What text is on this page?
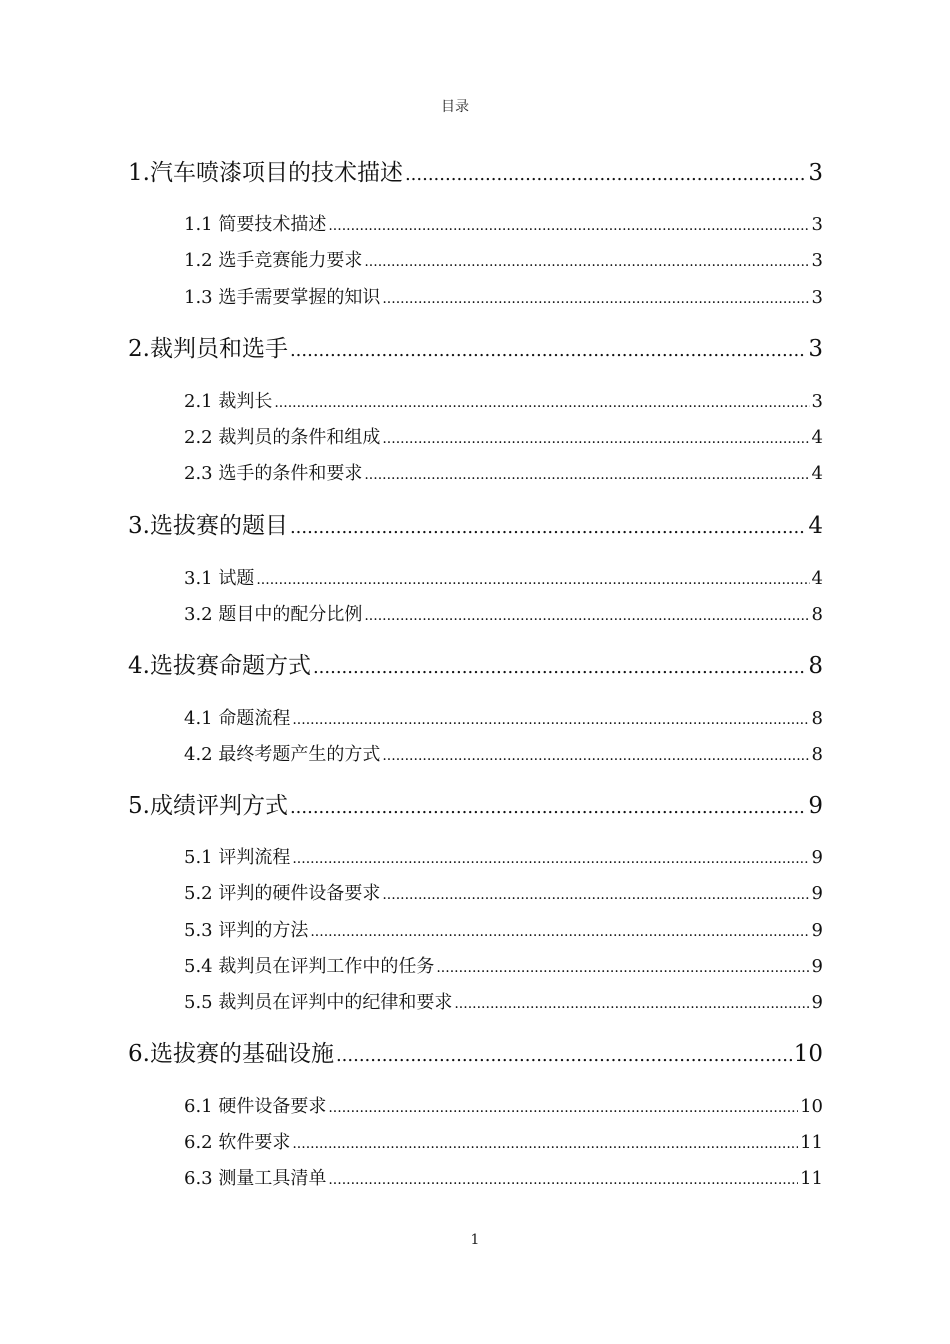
目录
1.汽车喷漆项目的技术描述 .....	3
1.1 简要技术描述 .....	3
1.2 选手竞赛能力要求 .....	3
1.3 选手需要掌握的知识 .....	3
2.裁判员和选手 .....	3
2.1 裁判长 .....	3
2.2 裁判员的条件和组成 .....	4
2.3 选手的条件和要求 .....	4
3.选拔赛的题目 .....	4
3.1 试题 .....	4
3.2 题目中的配分比例 .....	8
4.选拔赛命题方式 .....	8
4.1 命题流程 .....	8
4.2 最终考题产生的方式 .....	8
5.成绩评判方式 .....	9
5.1 评判流程 .....	9
5.2 评判的硬件设备要求 .....	9
5.3 评判的方法 .....	9
5.4 裁判员在评判工作中的任务 .....	9
5.5 裁判员在评判中的纪律和要求 .....	9
6.选拔赛的基础设施 .....	10
6.1 硬件设备要求 .....	10
6.2 软件要求 .....	11
6.3 测量工具清单 .....	11
1
